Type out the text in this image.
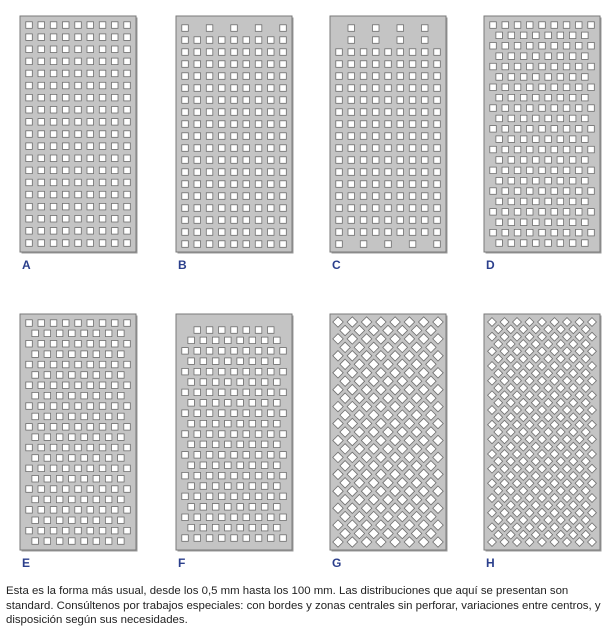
A	B	C	D
E	F	G	H
Esta es la forma más usual, desde los 0,5 mm hasta los 100 mm. Las distribuciones que aquí se presentan son standard. Consúltenos por trabajos especiales: con bordes y zonas centrales sin perforar, variaciones entre centros, y disposición según sus necesidades.
